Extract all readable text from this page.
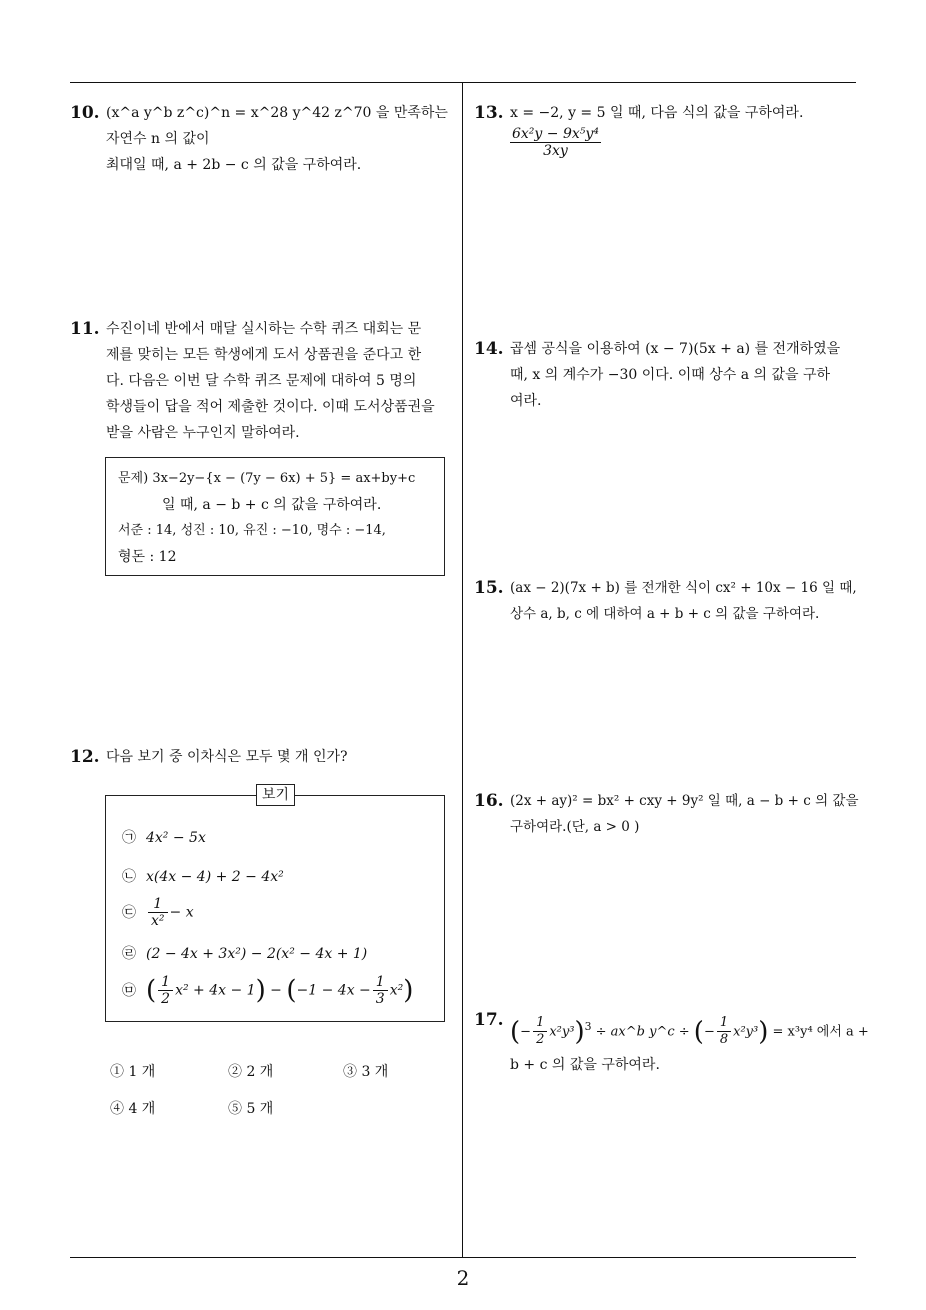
10. (x^a y^b z^c)^n = x^28 y^42 z^70 을 만족하는 자연수 n 의 값이

최대일 때, a + 2b − c 의 값을 구하여라.

11. 수진이네 반에서 매달 실시하는 수학 퀴즈 대회는 문

제를 맞히는 모든 학생에게 도서 상품권을 준다고 한

다. 다음은 이번 달 수학 퀴즈 문제에 대하여 5 명의

학생들이 답을 적어 제출한 것이다. 이때 도서상품권을

받을 사람은 누구인지 말하여라.

문제) 3x−2y−{x − (7y − 6x) + 5} = ax+by+c

일 때, a − b + c 의 값을 구하여라.

서준 : 14, 성진 : 10, 유진 : −10, 명수 : −14,

형돈 : 12

12. 다음 보기 중 이차식은 모두 몇 개 인가?

보기
㉠ 4x² − 5x
㉡ x(4x − 4) + 2 − 4x²
㉢ $\frac{1}{\text{x²}} - x$
㉣ (2 − 4x + 3x²) − 2(x² − 4x + 1)
㉤ ( $\frac{1}{2} x^2 + 4x - 1) - (-1 - 4x - \frac{1}{3} x^2)$
① 1 개	② 2 개	③ 3 개
④ 4 개	⑤ 5 개
13. x = −2, y = 5 일 때, 다음 식의 값을 구하여라.

$\frac{\text{6x²y − 9x⁵y⁴}}{3xy}$
14. 곱셈 공식을 이용하여 (x − 7)(5x + a) 를 전개하였을

때, x 의 계수가 −30 이다. 이때 상수 a 의 값을 구하

여라.

15. (ax − 2)(7x + b) 를 전개한 식이 cx² + 10x − 16 일 때,

상수 a, b, c 에 대하여 a + b + c 의 값을 구하여라.

16. (2x + ay)² = bx² + cxy + 9y² 일 때, a − b + c 의 값을

구하여라.(단, a > 0 )

17. (− $\frac{1}{2} x^2y^3)^3$ ÷ ax^b y^c ÷ (− $\frac{1}{8} x^2y^3) = x^3y^4$ 에서 a +

b + c 의 값을 구하여라.

2
